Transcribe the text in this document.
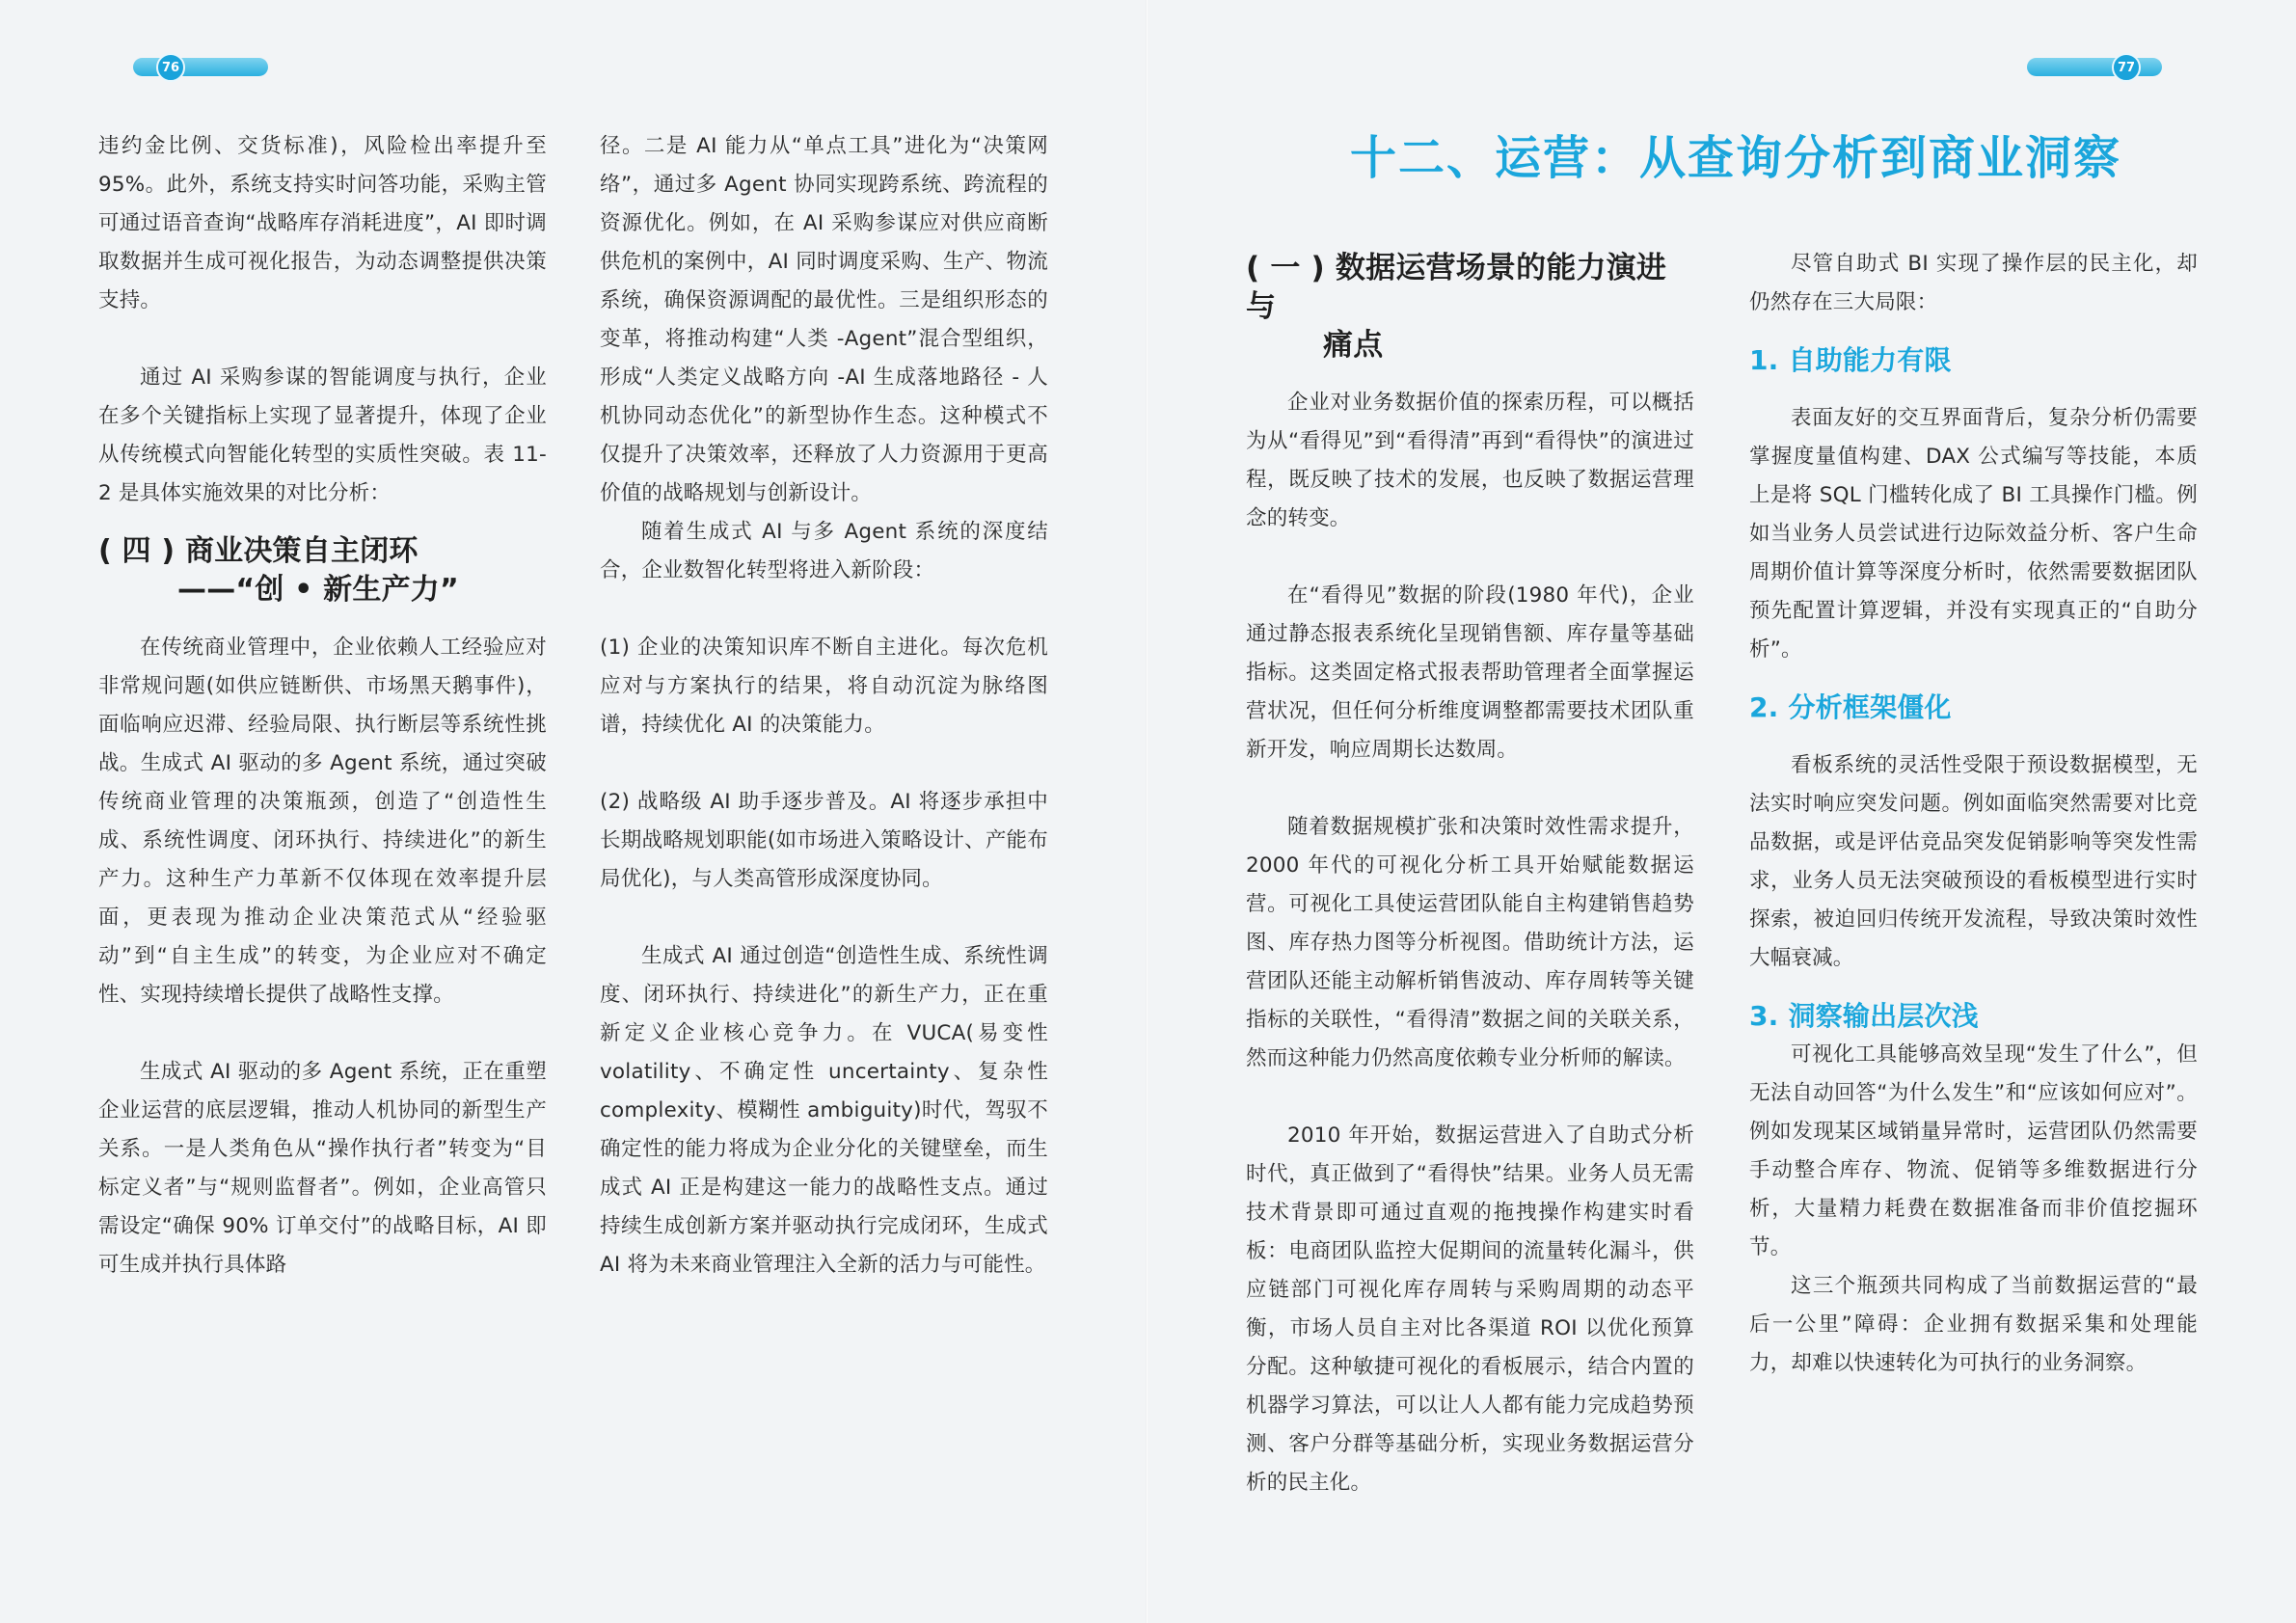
76

违约金比例、交货标准)，风险检出率提升至95%。此外，系统支持实时问答功能，采购主管可通过语音查询“战略库存消耗进度”，AI 即时调取数据并生成可视化报告，为动态调整提供决策支持。

通过 AI 采购参谋的智能调度与执行，企业在多个关键指标上实现了显著提升，体现了企业从传统模式向智能化转型的实质性突破。表 11-2 是具体实施效果的对比分析：

( 四 ) 商业决策自主闭环
——“创 • 新生产力”

在传统商业管理中，企业依赖人工经验应对非常规问题(如供应链断供、市场黑天鹅事件)，面临响应迟滞、经验局限、执行断层等系统性挑战。生成式 AI 驱动的多 Agent 系统，通过突破传统商业管理的决策瓶颈，创造了“创造性生成、系统性调度、闭环执行、持续进化”的新生产力。这种生产力革新不仅体现在效率提升层面，更表现为推动企业决策范式从“经验驱动”到“自主生成”的转变，为企业应对不确定性、实现持续增长提供了战略性支撑。

生成式 AI 驱动的多 Agent 系统，正在重塑企业运营的底层逻辑，推动人机协同的新型生产关系。一是人类角色从“操作执行者”转变为“目标定义者”与“规则监督者”。例如，企业高管只需设定“确保 90% 订单交付”的战略目标，AI 即可生成并执行具体路

径。二是 AI 能力从“单点工具”进化为“决策网络”，通过多 Agent 协同实现跨系统、跨流程的资源优化。例如，在 AI 采购参谋应对供应商断供危机的案例中，AI 同时调度采购、生产、物流系统，确保资源调配的最优性。三是组织形态的变革，将推动构建“人类 -Agent”混合型组织，形成“人类定义战略方向 -AI 生成落地路径 - 人机协同动态优化”的新型协作生态。这种模式不仅提升了决策效率，还释放了人力资源用于更高价值的战略规划与创新设计。

随着生成式 AI 与多 Agent 系统的深度结合，企业数智化转型将进入新阶段：

(1) 企业的决策知识库不断自主进化。每次危机应对与方案执行的结果，将自动沉淀为脉络图谱，持续优化 AI 的决策能力。

(2) 战略级 AI 助手逐步普及。AI 将逐步承担中长期战略规划职能(如市场进入策略设计、产能布局优化)，与人类高管形成深度协同。

生成式 AI 通过创造“创造性生成、系统性调度、闭环执行、持续进化”的新生产力，正在重新定义企业核心竞争力。在 VUCA(易变性 volatility、不确定性 uncertainty、复杂性 complexity、模糊性 ambiguity)时代，驾驭不确定性的能力将成为企业分化的关键壁垒，而生成式 AI 正是构建这一能力的战略性支点。通过持续生成创新方案并驱动执行完成闭环，生成式 AI 将为未来商业管理注入全新的活力与可能性。

77
十二、运营：从查询分析到商业洞察
( 一 ) 数据运营场景的能力演进与
痛点

企业对业务数据价值的探索历程，可以概括为从“看得见”到“看得清”再到“看得快”的演进过程，既反映了技术的发展，也反映了数据运营理念的转变。

在“看得见”数据的阶段(1980 年代)，企业通过静态报表系统化呈现销售额、库存量等基础指标。这类固定格式报表帮助管理者全面掌握运营状况，但任何分析维度调整都需要技术团队重新开发，响应周期长达数周。

随着数据规模扩张和决策时效性需求提升，2000 年代的可视化分析工具开始赋能数据运营。可视化工具使运营团队能自主构建销售趋势图、库存热力图等分析视图。借助统计方法，运营团队还能主动解析销售波动、库存周转等关键指标的关联性，“看得清”数据之间的关联关系，然而这种能力仍然高度依赖专业分析师的解读。

2010 年开始，数据运营进入了自助式分析时代，真正做到了“看得快”结果。业务人员无需技术背景即可通过直观的拖拽操作构建实时看板：电商团队监控大促期间的流量转化漏斗，供应链部门可视化库存周转与采购周期的动态平衡，市场人员自主对比各渠道 ROI 以优化预算分配。这种敏捷可视化的看板展示，结合内置的机器学习算法，可以让人人都有能力完成趋势预测、客户分群等基础分析，实现业务数据运营分析的民主化。

尽管自助式 BI 实现了操作层的民主化，却仍然存在三大局限：

1. 自助能力有限

表面友好的交互界面背后，复杂分析仍需要掌握度量值构建、DAX 公式编写等技能，本质上是将 SQL 门槛转化成了 BI 工具操作门槛。例如当业务人员尝试进行边际效益分析、客户生命周期价值计算等深度分析时，依然需要数据团队预先配置计算逻辑，并没有实现真正的“自助分析”。

2. 分析框架僵化

看板系统的灵活性受限于预设数据模型，无法实时响应突发问题。例如面临突然需要对比竞品数据，或是评估竞品突发促销影响等突发性需求，业务人员无法突破预设的看板模型进行实时探索，被迫回归传统开发流程，导致决策时效性大幅衰减。

3. 洞察输出层次浅

可视化工具能够高效呈现“发生了什么”，但无法自动回答“为什么发生”和“应该如何应对”。例如发现某区域销量异常时，运营团队仍然需要手动整合库存、物流、促销等多维数据进行分析，大量精力耗费在数据准备而非价值挖掘环节。

这三个瓶颈共同构成了当前数据运营的“最后一公里”障碍：企业拥有数据采集和处理能力，却难以快速转化为可执行的业务洞察。
